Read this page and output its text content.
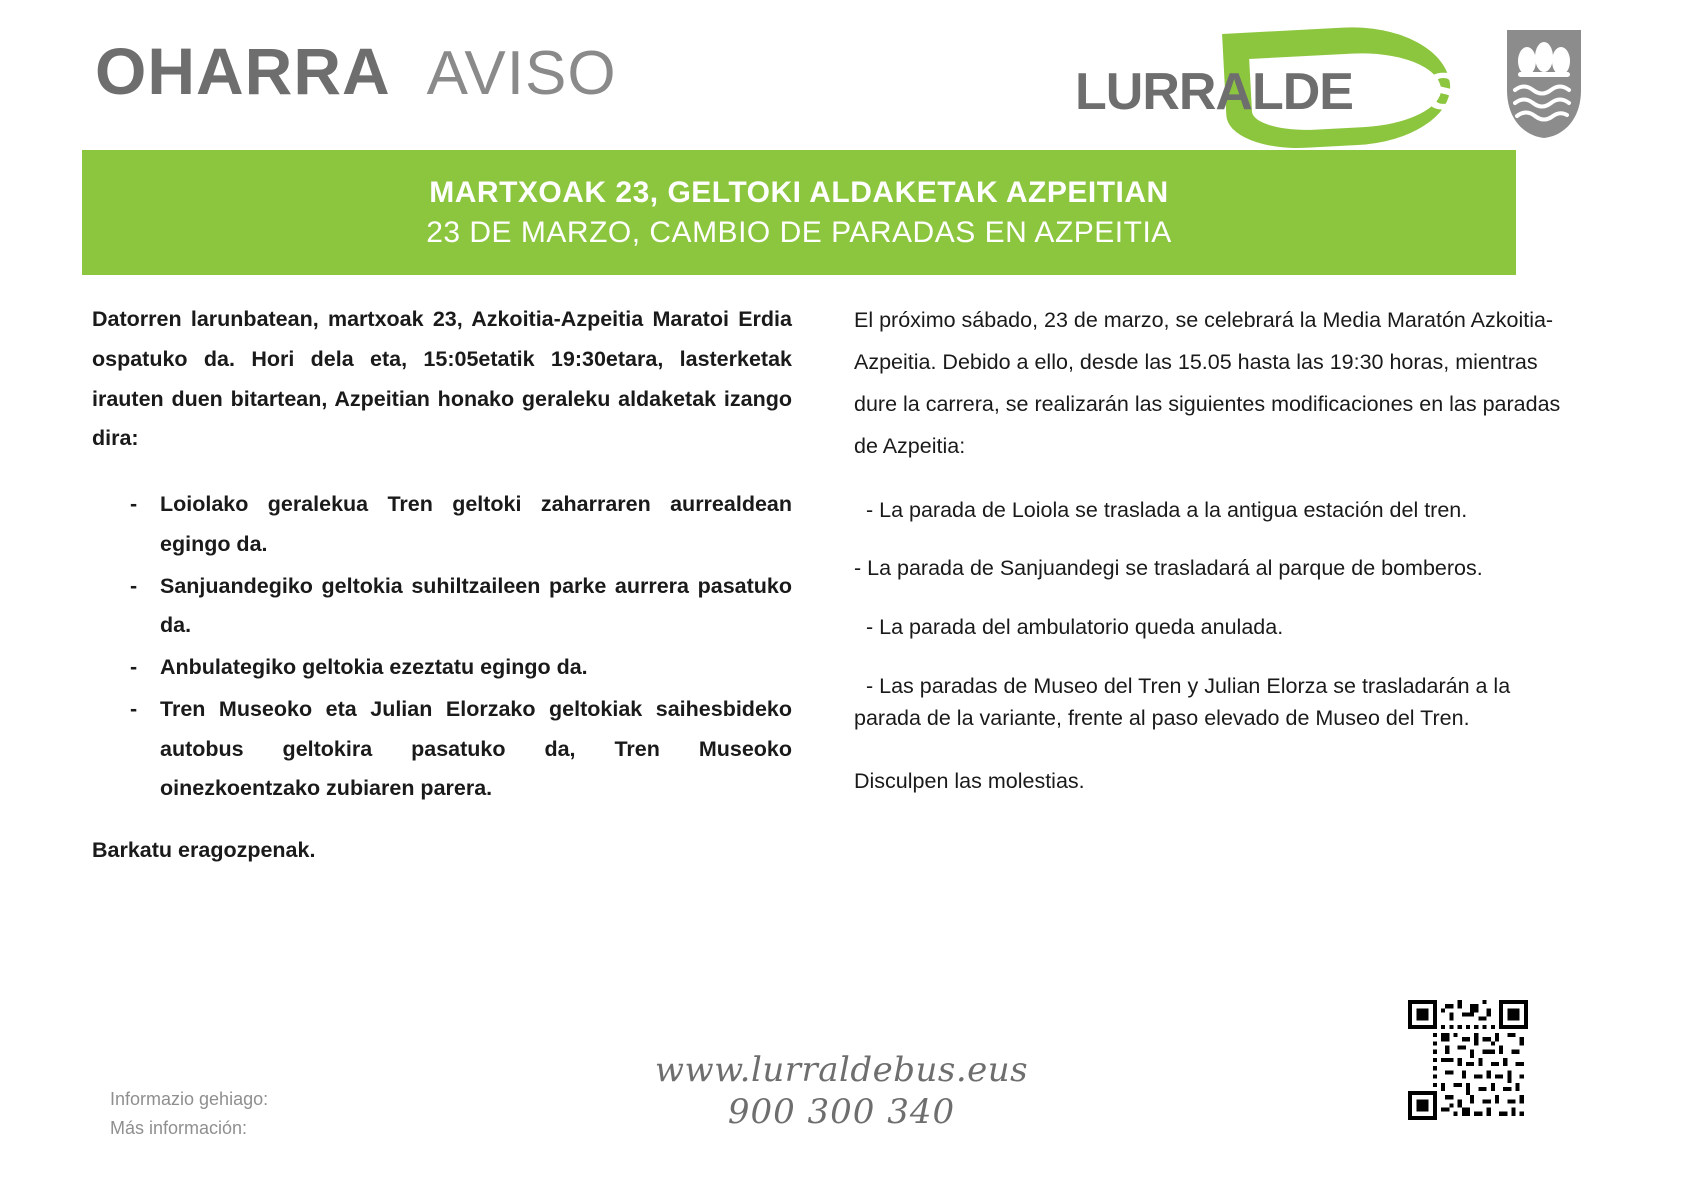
OHARRA AVISO	LURRALDEBUS
MARTXOAK 23, GELTOKI ALDAKETAK AZPEITIAN
23 DE MARZO, CAMBIO DE PARADAS EN AZPEITIA

Datorren larunbatean, martxoak 23, Azkoitia-Azpeitia Maratoi Erdia ospatuko da. Hori dela eta, 15:05etatik 19:30etara, lasterketak irauten duen bitartean, Azpeitian honako geraleku aldaketak izango dira:

- Loiolako geralekua Tren geltoki zaharraren aurrealdean egingo da.
- Sanjuandegiko geltokia suhiltzaileen parke aurrera pasatuko da.
- Anbulategiko geltokia ezeztatu egingo da.
- Tren Museoko eta Julian Elorzako geltokiak saihesbideko autobus geltokira pasatuko da, Tren Museoko oinezkoentzako zubiaren parera.

Barkatu eragozpenak.

El próximo sábado, 23 de marzo, se celebrará la Media Maratón Azkoitia-Azpeitia. Debido a ello, desde las 15.05 hasta las 19:30 horas, mientras dure la carrera, se realizarán las siguientes modificaciones en las paradas de Azpeitia:

- La parada de Loiola se traslada a la antigua estación del tren.

- La parada de Sanjuandegi se trasladará al parque de bomberos.

- La parada del ambulatorio queda anulada.

- Las paradas de Museo del Tren y Julian Elorza se trasladarán a la parada de la variante, frente al paso elevado de Museo del Tren.

Disculpen las molestias.

Informazio gehiago:
Más información:
www.lurraldebus.eus
900 300 340
